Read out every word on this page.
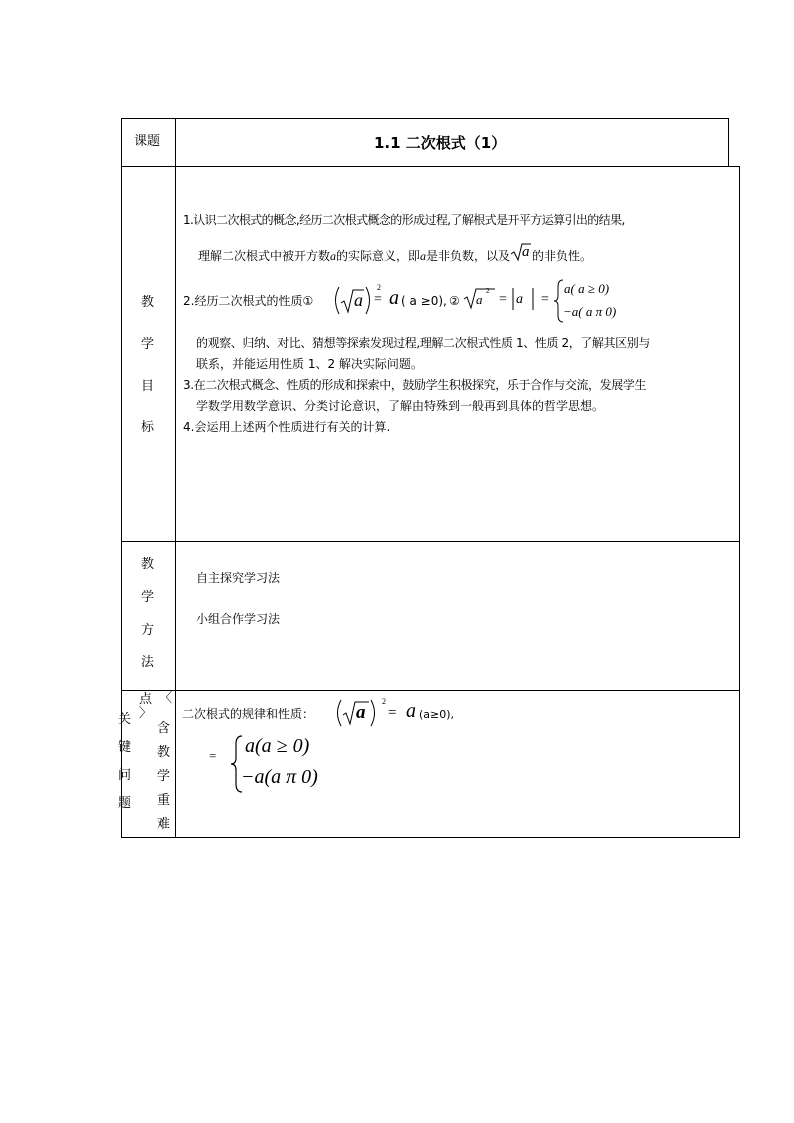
课题	1.1 二次根式（1）
教
学
目
标
1.认识二次根式的概念,经历二次根式概念的形成过程,了解根式是开平方运算引出的结果,
理解二次根式中被开方数a的实际意义，即a是非负数，以及 a 的非负性。
2.经历二次根式的性质① a
2
= a ( a ≥0), ② a
2
= a =
a( a ≥ 0)
−a( a π 0)
的观察、归纳、对比、猜想等探索发现过程,理解二次根式性质 1、性质 2，了解其区别与
联系，并能运用性质 1、2 解决实际问题。
3.在二次根式概念、性质的形成和探索中，鼓励学生积极探究，乐于合作与交流，发展学生
学数学用数学意识、分类讨论意识，了解由特殊到一般再到具体的哲学思想。
4.会运用上述两个性质进行有关的计算.
教
学
方
法
自主探究学习法
小组合作学习法
点 〈
〉
关
键
问
题
含
教
学
重
难
二次根式的规律和性质： a
2
= a (a≥0),
= a(a ≥ 0)
−a(a π 0)
